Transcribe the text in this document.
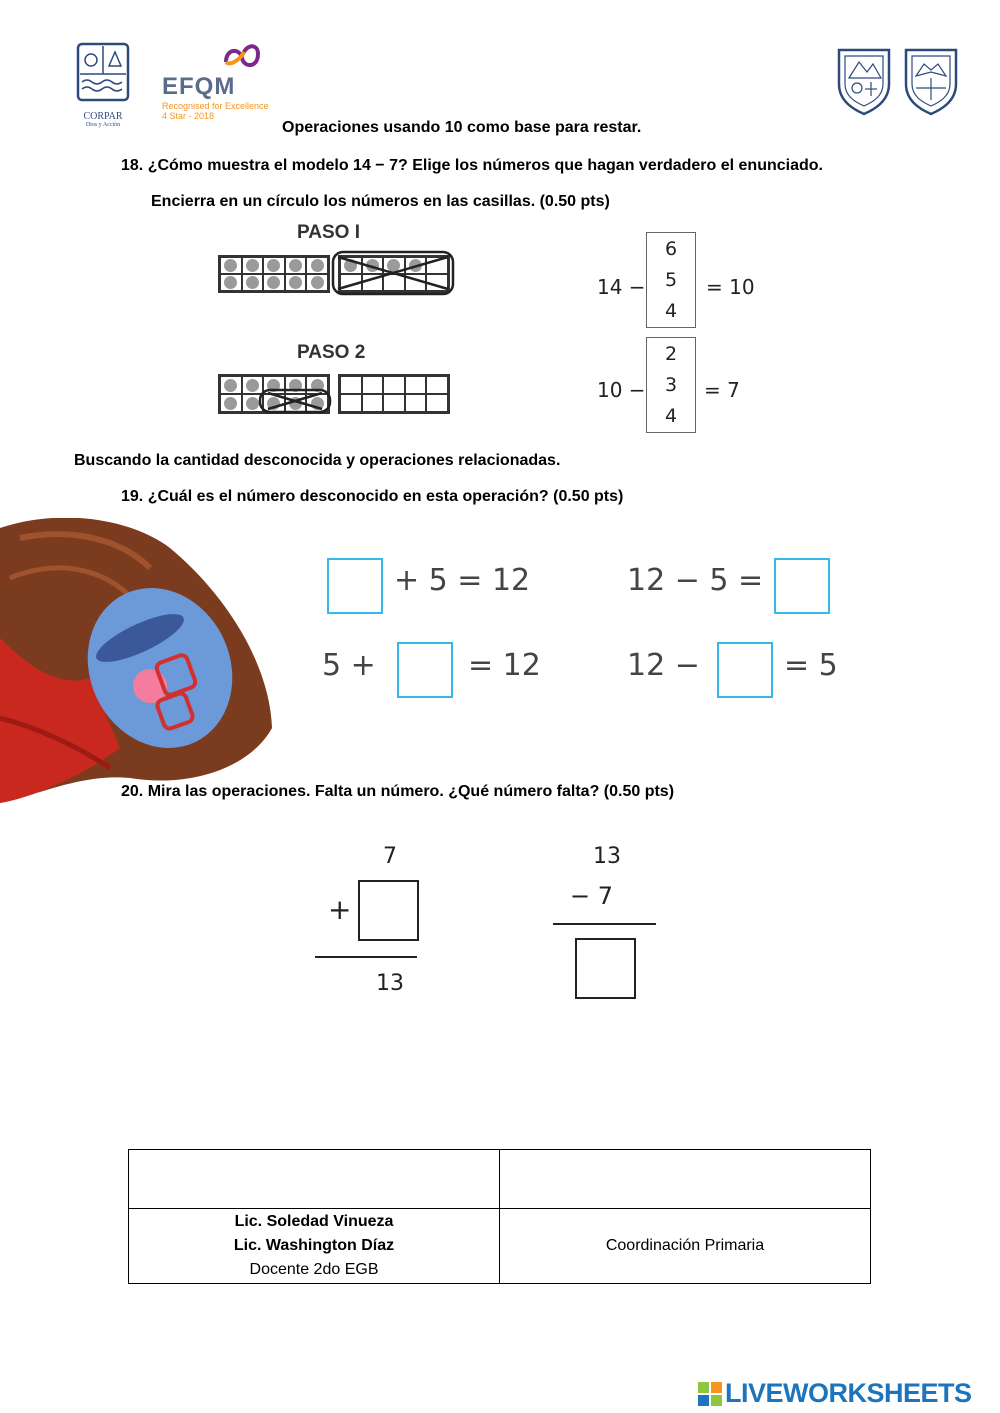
CORPAR
Dios y Acción
EFQM
Recognised for Excellence
4 Star - 2018
Operaciones usando 10 como base para restar.
18. ¿Cómo muestra el modelo 14 − 7? Elige los números que hagan verdadero el enunciado.
Encierra en un círculo los números en las casillas. (0.50 pts)
PASO I
14 −
6
5
4
= 10
PASO 2
10 −
2
3
4
= 7
Buscando la cantidad desconocida y operaciones relacionadas.
19. ¿Cuál es el número desconocido en esta operación? (0.50 pts)
+ 5 = 12	12 − 5 =
5 +	= 12	12 −	= 5
20. Mira las operaciones. Falta un número. ¿Qué número falta? (0.50 pts)
7
+
13
13
− 7

Lic. Soledad Vinueza
Lic. Washington Díaz
Docente 2do EGB	Coordinación Primaria
LIVEWORKSHEETS
